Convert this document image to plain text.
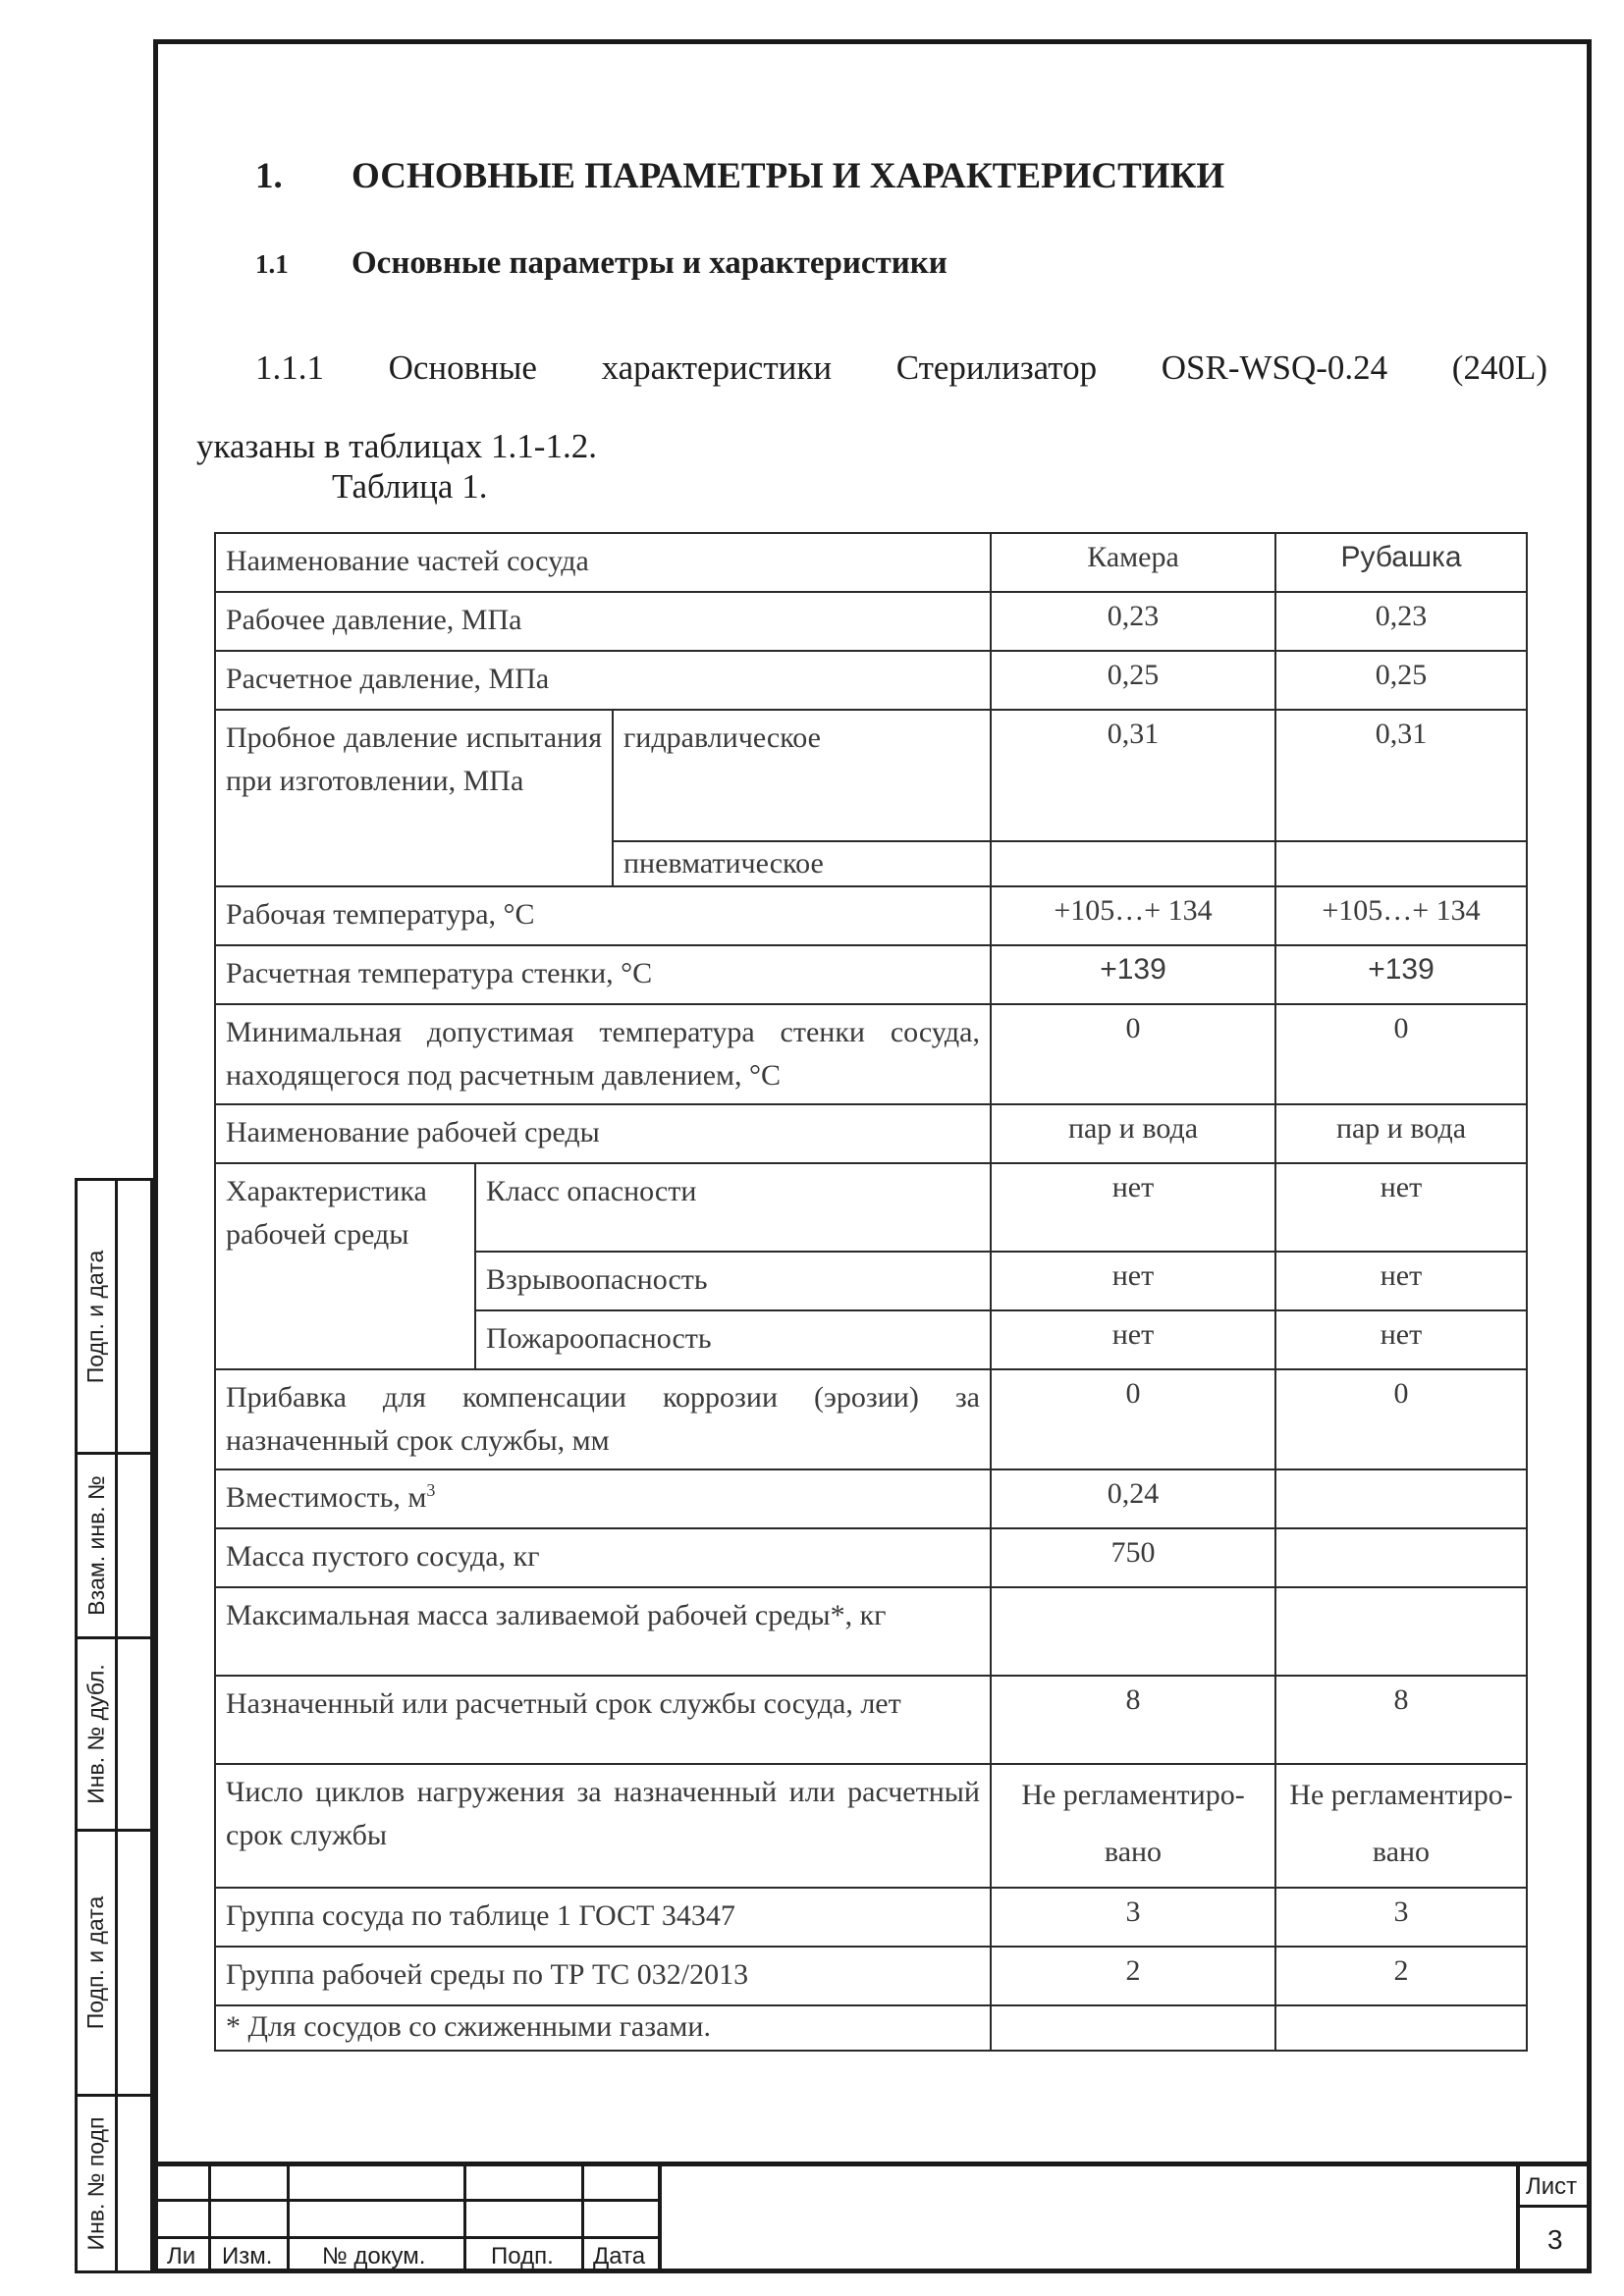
1. ОСНОВНЫЕ ПАРАМЕТРЫ И ХАРАКТЕРИСТИКИ
1.1 Основные параметры и характеристики
1.1.1 Основные характеристики Стерилизатор OSR-WSQ-0.24 (240L)
указаны в таблицах 1.1-1.2.
Таблица 1.
Наименование частей сосуда			Камера	Рубашка
Рабочее давление, МПа			0,23	0,23
Расчетное давление, МПа			0,25	0,25
Пробное давление испытания при изготовлении, МПа		гидравлическое	0,31	0,31
		пневматическое		
Рабочая температура, °С			+105…+ 134	+105…+ 134
Расчетная температура стенки, °С			+139	+139
Минимальная допустимая температура стенки сосуда, находящегося под расчетным давлением, °С			0	0
Наименование рабочей среды			пар и вода	пар и вода
Характеристика рабочей среды	Класс опасности		нет	нет
	Взрывоопасность		нет	нет
	Пожароопасность		нет	нет
Прибавка для компенсации коррозии (эрозии) за назначенный срок службы, мм			0	0
Вместимость, $м^3$			0,24	
Масса пустого сосуда, кг			750	
Максимальная масса заливаемой рабочей среды*, кг				
Назначенный или расчетный срок службы сосуда, лет			8	8
Число циклов нагружения за назначенный или расчетный срок службы			Не регламентиро-вано	Не регламентиро-вано
Группа сосуда по таблице 1 ГОСТ 34347			3	3
Группа рабочей среды по ТР ТС 032/2013			2	2
* Для сосудов со сжиженными газами.				
Подп. и дата
Взам. инв. №
Инв. № дубл.
Подп. и дата
Инв. № подп
Ли Изм. № докум.	Подп. Дата
Лист
3
